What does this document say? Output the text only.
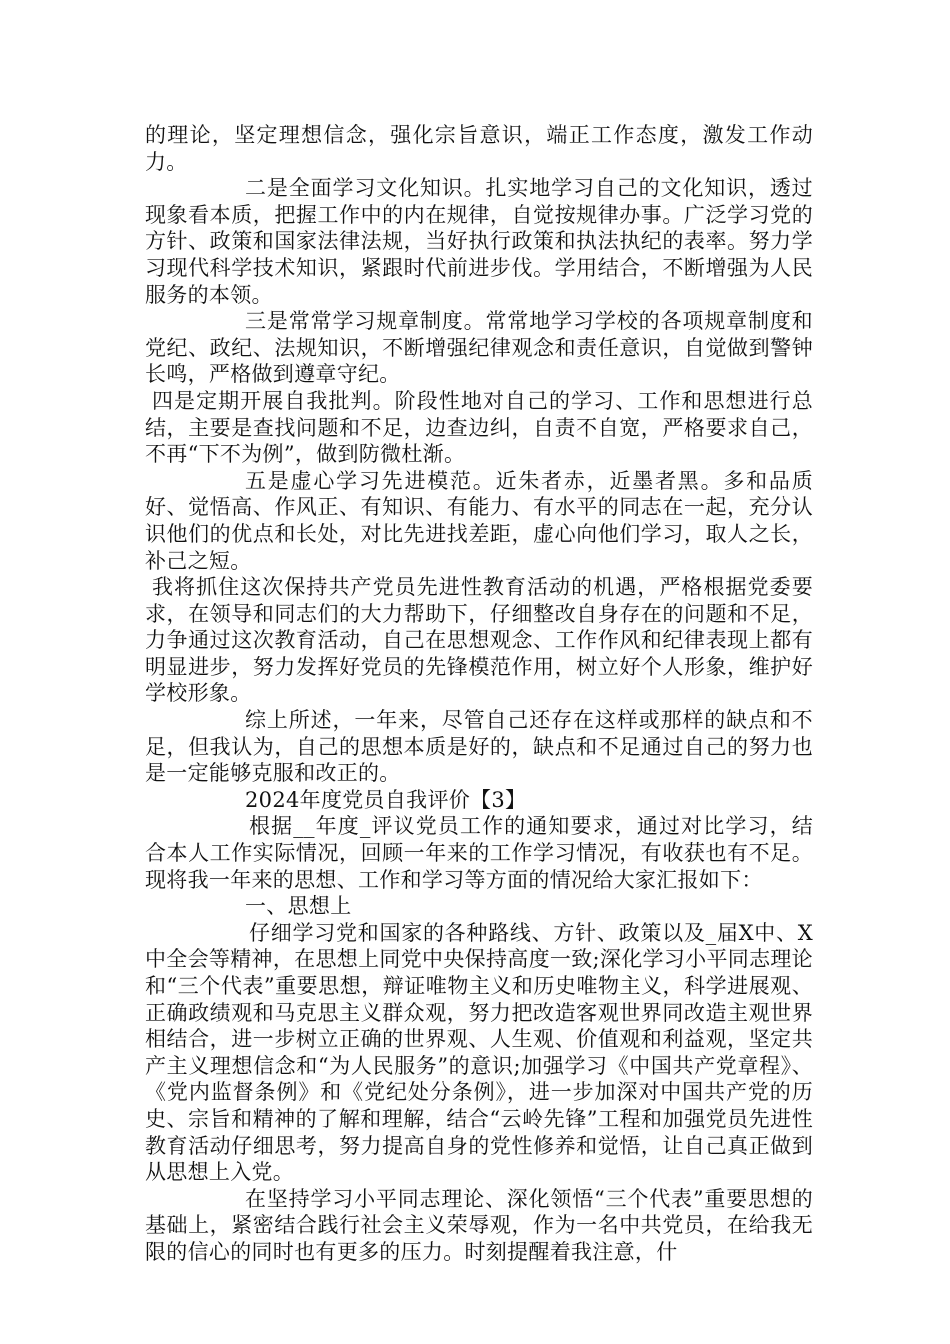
的理论，坚定理想信念，强化宗旨意识，端正工作态度，激发工作动力。

二是全面学习文化知识。扎实地学习自己的文化知识，透过现象看本质，把握工作中的内在规律，自觉按规律办事。广泛学习党的方针、政策和国家法律法规，当好执行政策和执法执纪的表率。努力学习现代科学技术知识，紧跟时代前进步伐。学用结合，不断增强为人民服务的本领。

三是常常学习规章制度。常常地学习学校的各项规章制度和党纪、政纪、法规知识，不断增强纪律观念和责任意识，自觉做到警钟长鸣，严格做到遵章守纪。

四是定期开展自我批判。阶段性地对自己的学习、工作和思想进行总结，主要是查找问题和不足，边查边纠，自责不自宽，严格要求自己，不再“下不为例”，做到防微杜渐。

五是虚心学习先进模范。近朱者赤，近墨者黑。多和品质好、觉悟高、作风正、有知识、有能力、有水平的同志在一起，充分认识他们的优点和长处，对比先进找差距，虚心向他们学习，取人之长，补己之短。

我将抓住这次保持共产党员先进性教育活动的机遇，严格根据党委要求，在领导和同志们的大力帮助下，仔细整改自身存在的问题和不足，力争通过这次教育活动，自己在思想观念、工作作风和纪律表现上都有明显进步，努力发挥好党员的先锋模范作用，树立好个人形象，维护好学校形象。

综上所述，一年来，尽管自己还存在这样或那样的缺点和不足，但我认为，自己的思想本质是好的，缺点和不足通过自己的努力也是一定能够克服和改正的。

2024年度党员自我评价【3】

根据__年度_评议党员工作的通知要求，通过对比学习，结合本人工作实际情况，回顾一年来的工作学习情况，有收获也有不足。现将我一年来的思想、工作和学习等方面的情况给大家汇报如下：

一、思想上

仔细学习党和国家的各种路线、方针、政策以及_届X中、X中全会等精神，在思想上同党中央保持高度一致;深化学习小平同志理论和“三个代表”重要思想，辩证唯物主义和历史唯物主义，科学进展观、正确政绩观和马克思主义群众观，努力把改造客观世界同改造主观世界相结合，进一步树立正确的世界观、人生观、价值观和利益观，坚定共产主义理想信念和“为人民服务”的意识;加强学习《中国共产党章程》、《党内监督条例》和《党纪处分条例》，进一步加深对中国共产党的历史、宗旨和精神的了解和理解，结合“云岭先锋”工程和加强党员先进性教育活动仔细思考，努力提高自身的党性修养和觉悟，让自己真正做到从思想上入党。

在坚持学习小平同志理论、深化领悟“三个代表”重要思想的基础上，紧密结合践行社会主义荣辱观，作为一名中共党员，在给我无限的信心的同时也有更多的压力。时刻提醒着我注意，什
